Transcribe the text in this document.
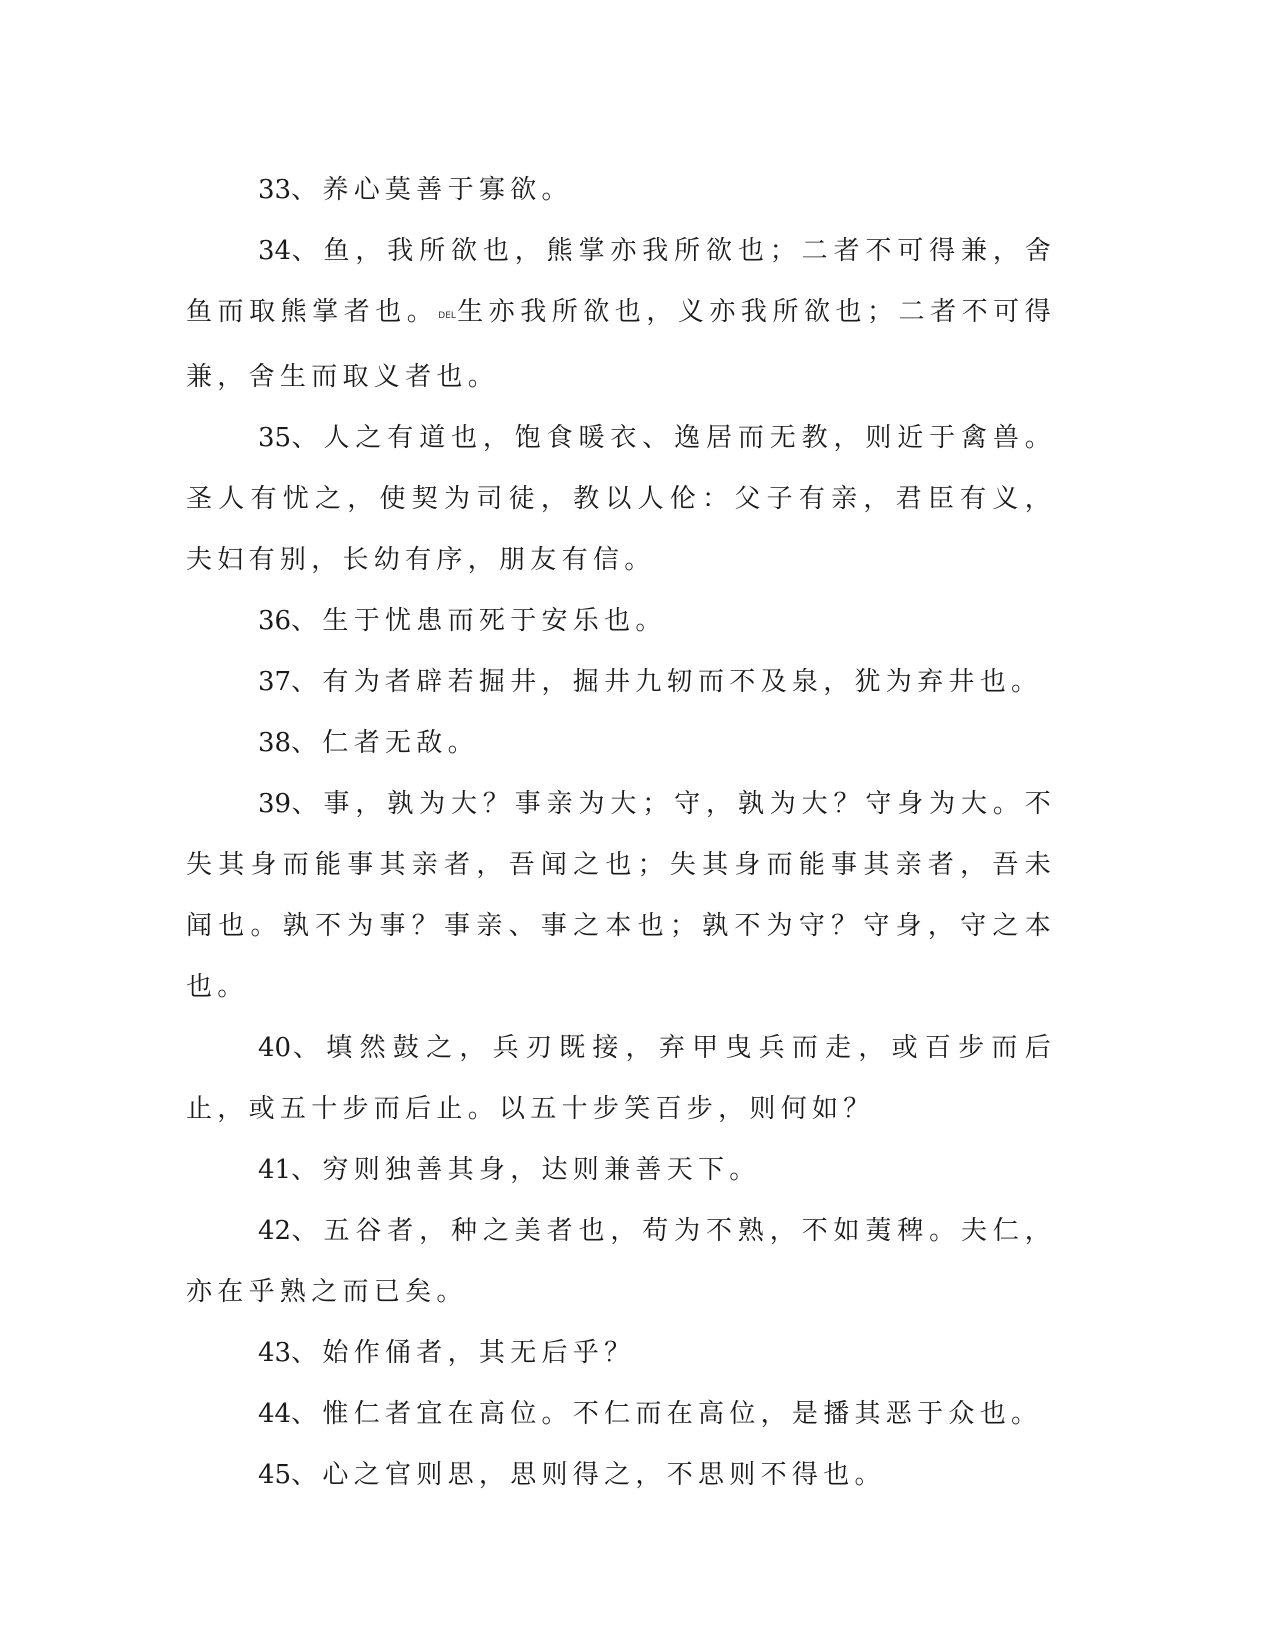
33、养心莫善于寡欲。

34、鱼，我所欲也，熊掌亦我所欲也；二者不可得兼，舍鱼而取熊掌者也。DEL生亦我所欲也，义亦我所欲也；二者不可得兼，舍生而取义者也。

35、人之有道也，饱食暖衣、逸居而无教，则近于禽兽。圣人有忧之，使契为司徒，教以人伦：父子有亲，君臣有义，夫妇有别，长幼有序，朋友有信。

36、生于忧患而死于安乐也。

37、有为者辟若掘井，掘井九轫而不及泉，犹为弃井也。

38、仁者无敌。

39、事，孰为大？事亲为大；守，孰为大？守身为大。不失其身而能事其亲者，吾闻之也；失其身而能事其亲者，吾未闻也。孰不为事？事亲、事之本也；孰不为守？守身，守之本也。

40、填然鼓之，兵刃既接，弃甲曳兵而走，或百步而后止，或五十步而后止。以五十步笑百步，则何如？

41、穷则独善其身，达则兼善天下。

42、五谷者，种之美者也，苟为不熟，不如荑稗。夫仁，亦在乎熟之而已矣。

43、始作俑者，其无后乎？

44、惟仁者宜在高位。不仁而在高位，是播其恶于众也。

45、心之官则思，思则得之，不思则不得也。
